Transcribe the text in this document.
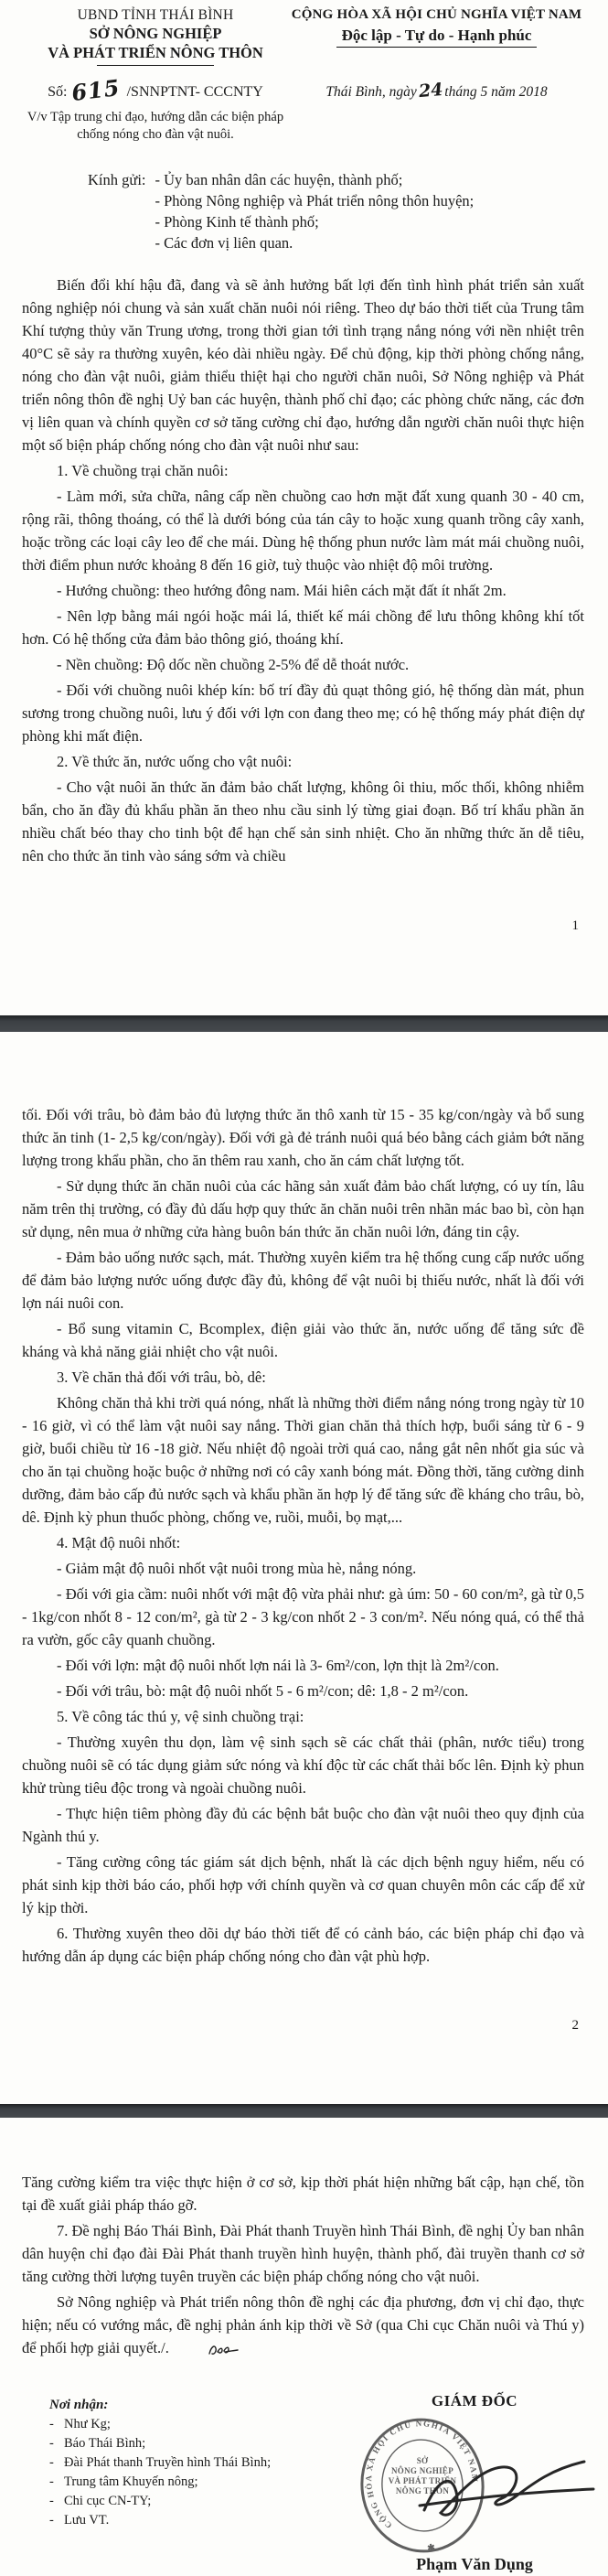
UBND TỈNH THÁI BÌNH
SỞ NÔNG NGHIỆP
VÀ PHÁT TRIỂN NÔNG THÔN
Số: 615 /SNNPTNT- CCCNTY
V/v Tập trung chỉ đạo, hướng dẫn các biện pháp chống nóng cho đàn vật nuôi.
CỘNG HÒA XÃ HỘI CHỦ NGHĨA VIỆT NAM
Độc lập - Tự do - Hạnh phúc
Thái Bình, ngày24tháng 5 năm 2018
Kính gửi: - Ủy ban nhân dân các huyện, thành phố;
- Phòng Nông nghiệp và Phát triển nông thôn huyện;
- Phòng Kinh tế thành phố;
- Các đơn vị liên quan.

Biến đổi khí hậu đã, đang và sẽ ảnh hưởng bất lợi đến tình hình phát triển sản xuất nông nghiệp nói chung và sản xuất chăn nuôi nói riêng. Theo dự báo thời tiết của Trung tâm Khí tượng thủy văn Trung ương, trong thời gian tới tình trạng nắng nóng với nền nhiệt trên 40°C sẽ sảy ra thường xuyên, kéo dài nhiều ngày. Để chủ động, kịp thời phòng chống nắng, nóng cho đàn vật nuôi, giảm thiểu thiệt hại cho người chăn nuôi, Sở Nông nghiệp và Phát triển nông thôn đề nghị Uỷ ban các huyện, thành phố chỉ đạo; các phòng chức năng, các đơn vị liên quan và chính quyền cơ sở tăng cường chỉ đạo, hướng dẫn người chăn nuôi thực hiện một số biện pháp chống nóng cho đàn vật nuôi như sau:

1. Về chuồng trại chăn nuôi:

- Làm mới, sửa chữa, nâng cấp nền chuồng cao hơn mặt đất xung quanh 30 - 40 cm, rộng rãi, thông thoáng, có thể là dưới bóng của tán cây to hoặc xung quanh trồng cây xanh, hoặc trồng các loại cây leo để che mái. Dùng hệ thống phun nước làm mát mái chuồng nuôi, thời điểm phun nước khoảng 8 đến 16 giờ, tuỳ thuộc vào nhiệt độ môi trường.

- Hướng chuồng: theo hướng đông nam. Mái hiên cách mặt đất ít nhất 2m.

- Nên lợp bằng mái ngói hoặc mái lá, thiết kế mái chồng để lưu thông không khí tốt hơn. Có hệ thống cửa đảm bảo thông gió, thoáng khí.

- Nền chuồng: Độ dốc nền chuồng 2-5% để dễ thoát nước.

- Đối với chuồng nuôi khép kín: bố trí đầy đủ quạt thông gió, hệ thống dàn mát, phun sương trong chuồng nuôi, lưu ý đối với lợn con đang theo mẹ; có hệ thống máy phát điện dự phòng khi mất điện.

2. Về thức ăn, nước uống cho vật nuôi:

- Cho vật nuôi ăn thức ăn đảm bảo chất lượng, không ôi thiu, mốc thối, không nhiễm bẩn, cho ăn đầy đủ khẩu phần ăn theo nhu cầu sinh lý từng giai đoạn. Bố trí khẩu phần ăn nhiều chất béo thay cho tinh bột để hạn chế sản sinh nhiệt. Cho ăn những thức ăn dễ tiêu, nên cho thức ăn tinh vào sáng sớm và chiều

1

tối. Đối với trâu, bò đảm bảo đủ lượng thức ăn thô xanh từ 15 - 35 kg/con/ngày và bổ sung thức ăn tinh (1- 2,5 kg/con/ngày). Đối với gà đẻ tránh nuôi quá béo bằng cách giảm bớt năng lượng trong khẩu phần, cho ăn thêm rau xanh, cho ăn cám chất lượng tốt.

- Sử dụng thức ăn chăn nuôi của các hãng sản xuất đảm bảo chất lượng, có uy tín, lâu năm trên thị trường, có đầy đủ dấu hợp quy thức ăn chăn nuôi trên nhãn mác bao bì, còn hạn sử dụng, nên mua ở những cửa hàng buôn bán thức ăn chăn nuôi lớn, đáng tin cậy.

- Đảm bảo uống nước sạch, mát. Thường xuyên kiểm tra hệ thống cung cấp nước uống để đảm bảo lượng nước uống được đầy đủ, không để vật nuôi bị thiếu nước, nhất là đối với lợn nái nuôi con.

- Bổ sung vitamin C, Bcomplex, điện giải vào thức ăn, nước uống để tăng sức đề kháng và khả năng giải nhiệt cho vật nuôi.

3. Về chăn thả đối với trâu, bò, dê:

Không chăn thả khi trời quá nóng, nhất là những thời điểm nắng nóng trong ngày từ 10 - 16 giờ, vì có thể làm vật nuôi say nắng. Thời gian chăn thả thích hợp, buổi sáng từ 6 - 9 giờ, buổi chiều từ 16 -18 giờ. Nếu nhiệt độ ngoài trời quá cao, nắng gắt nên nhốt gia súc và cho ăn tại chuồng hoặc buộc ở những nơi có cây xanh bóng mát. Đồng thời, tăng cường dinh dưỡng, đảm bảo cấp đủ nước sạch và khẩu phần ăn hợp lý để tăng sức đề kháng cho trâu, bò, dê. Định kỳ phun thuốc phòng, chống ve, ruồi, muỗi, bọ mạt,...

4. Mật độ nuôi nhốt:

- Giảm mật độ nuôi nhốt vật nuôi trong mùa hè, nắng nóng.

- Đối với gia cầm: nuôi nhốt với mật độ vừa phải như: gà úm: 50 - 60 con/m², gà từ 0,5 - 1kg/con nhốt 8 - 12 con/m², gà từ 2 - 3 kg/con nhốt 2 - 3 con/m². Nếu nóng quá, có thể thả ra vườn, gốc cây quanh chuồng.

- Đối với lợn: mật độ nuôi nhốt lợn nái là 3- 6m²/con, lợn thịt là 2m²/con.

- Đối với trâu, bò: mật độ nuôi nhốt 5 - 6 m²/con; dê: 1,8 - 2 m²/con.

5. Về công tác thú y, vệ sinh chuồng trại:

- Thường xuyên thu dọn, làm vệ sinh sạch sẽ các chất thải (phân, nước tiểu) trong chuồng nuôi sẽ có tác dụng giảm sức nóng và khí độc từ các chất thải bốc lên. Định kỳ phun khử trùng tiêu độc trong và ngoài chuồng nuôi.

- Thực hiện tiêm phòng đầy đủ các bệnh bắt buộc cho đàn vật nuôi theo quy định của Ngành thú y.

- Tăng cường công tác giám sát dịch bệnh, nhất là các dịch bệnh nguy hiểm, nếu có phát sinh kịp thời báo cáo, phối hợp với chính quyền và cơ quan chuyên môn các cấp để xử lý kịp thời.

6. Thường xuyên theo dõi dự báo thời tiết để có cảnh báo, các biện pháp chỉ đạo và hướng dẫn áp dụng các biện pháp chống nóng cho đàn vật phù hợp.

2

Tăng cường kiểm tra việc thực hiện ở cơ sở, kịp thời phát hiện những bất cập, hạn chế, tồn tại đề xuất giải pháp tháo gỡ.

7. Đề nghị Báo Thái Bình, Đài Phát thanh Truyền hình Thái Bình, đề nghị Ủy ban nhân dân huyện chỉ đạo đài Đài Phát thanh truyền hình huyện, thành phố, đài truyền thanh cơ sở tăng cường thời lượng tuyên truyền các biện pháp chống nóng cho vật nuôi.

Sở Nông nghiệp và Phát triển nông thôn đề nghị các địa phương, đơn vị chỉ đạo, thực hiện; nếu có vướng mắc, đề nghị phản ánh kịp thời về Sở (qua Chi cục Chăn nuôi và Thú y) để phối hợp giải quyết./.

Nơi nhận:
- Như Kg;
- Báo Thái Bình;
- Đài Phát thanh Truyền hình Thái Bình;
- Trung tâm Khuyến nông;
- Chi cục CN-TY;
- Lưu VT.
GIÁM ĐỐC
CỘNG HÒA XÃ HỘI CHỦ NGHĨA VIỆT NAM
✱
SỞ
NÔNG NGHIỆP
VÀ PHÁT TRIỂN
NÔNG THÔN
Phạm Văn Dụng
